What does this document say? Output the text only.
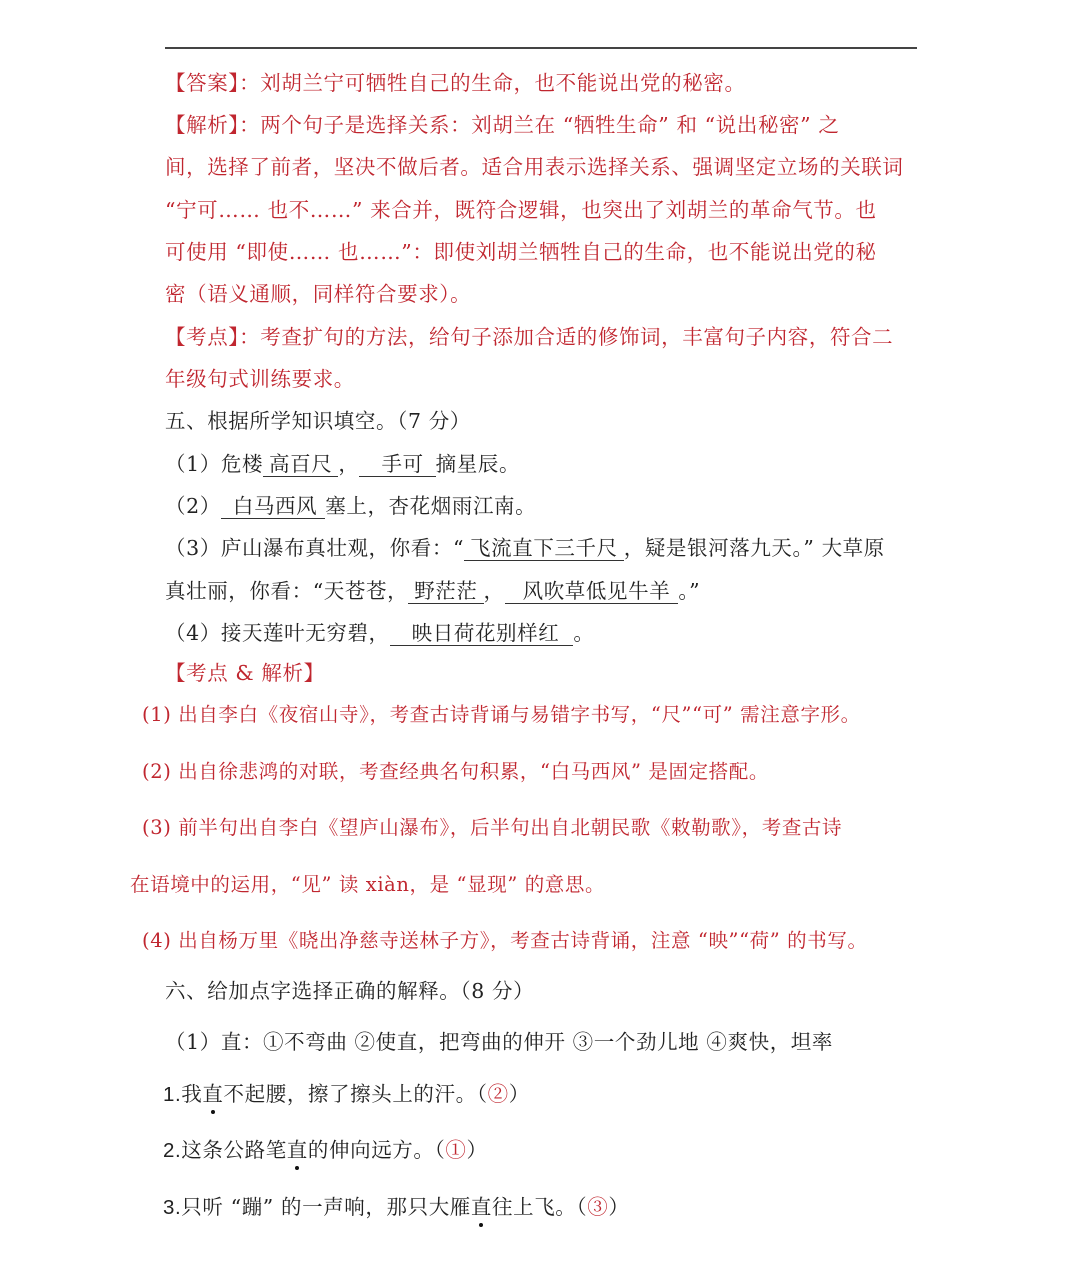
【答案】：刘胡兰宁可牺牲自己的生命，也不能说出党的秘密。
【解析】：两个句子是选择关系：刘胡兰在 “牺牲生命” 和 “说出秘密” 之
间，选择了前者，坚决不做后者。适合用表示选择关系、强调坚定立场的关联词
“宁可…… 也不……” 来合并，既符合逻辑，也突出了刘胡兰的革命气节。也
可使用 “即使…… 也……”：即使刘胡兰牺牲自己的生命，也不能说出党的秘
密（语义通顺，同样符合要求）。
【考点】：考查扩句的方法，给句子添加合适的修饰词，丰富句子内容，符合二
年级句式训练要求。
五、根据所学知识填空。（7 分）
（1）危楼 高百尺 ， 手可 摘星辰。
（2） 白马西风 塞上，杏花烟雨江南。
（3）庐山瀑布真壮观，你看：“ 飞流直下三千尺 ，疑是银河落九天。” 大草原
真壮丽，你看：“天苍苍， 野茫茫 ， 风吹草低见牛羊 。”
（4）接天莲叶无穷碧， 映日荷花别样红 。
【考点 & 解析】
(1) 出自李白《夜宿山寺》，考查古诗背诵与易错字书写，“尺”“可” 需注意字形。
(2) 出自徐悲鸿的对联，考查经典名句积累，“白马西风” 是固定搭配。
(3) 前半句出自李白《望庐山瀑布》，后半句出自北朝民歌《敕勒歌》，考查古诗
在语境中的运用，“见” 读 xiàn，是 “显现” 的意思。
(4) 出自杨万里《晓出净慈寺送林子方》，考查古诗背诵，注意 “映”“荷” 的书写。
六、给加点字选择正确的解释。（8 分）
（1）直：①不弯曲 ②使直，把弯曲的伸开 ③一个劲儿地 ④爽快，坦率
1.我直不起腰，擦了擦头上的汗。（②）
2.这条公路笔直的伸向远方。（①）
3.只听 “蹦” 的一声响，那只大雁直往上飞。（③）
